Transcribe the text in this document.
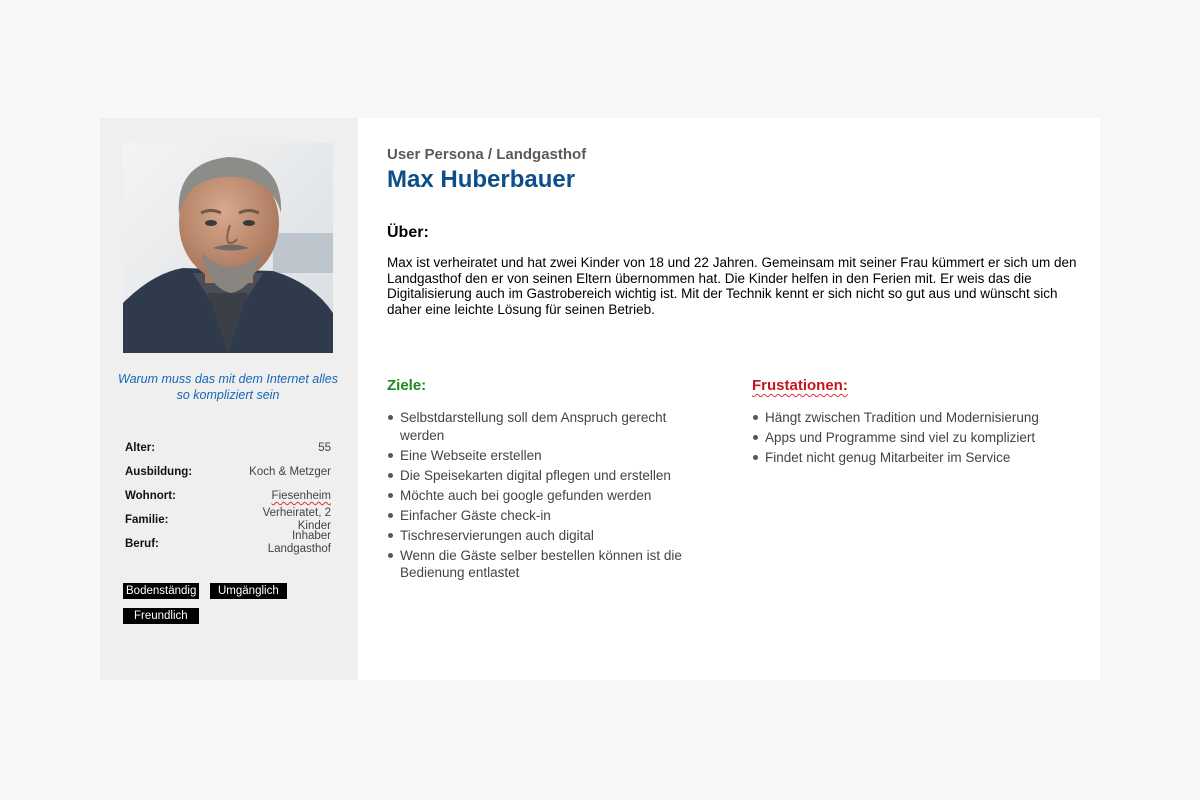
Warum muss das mit dem Internet alles so kompliziert sein
Alter:	55
Ausbildung:	Koch & Metzger
Wohnort:	Fiesenheim
Familie:
Verheiratet, 2
Kinder
Beruf:
Inhaber
Landgasthof
Bodenständig	Umgänglich
Freundlich
User Persona / Landgasthof
Max Huberbauer
Über:
Max ist verheiratet und hat zwei Kinder von 18 und 22 Jahren. Gemeinsam mit seiner Frau kümmert er sich um den Landgasthof den er von seinen Eltern übernommen hat. Die Kinder helfen in den Ferien mit. Er weis das die Digitalisierung auch im Gastrobereich wichtig ist. Mit der Technik kennt er sich nicht so gut aus und wünscht sich daher eine leichte Lösung für seinen Betrieb.
Ziele:
Selbstdarstellung soll dem Anspruch gerecht werden
Eine Webseite erstellen
Die Speisekarten digital pflegen und erstellen
Möchte auch bei google gefunden werden
Einfacher Gäste check-in
Tischreservierungen auch digital
Wenn die Gäste selber bestellen können ist die Bedienung entlastet
Frustationen:
Hängt zwischen Tradition und Modernisierung
Apps und Programme sind viel zu kompliziert
Findet nicht genug Mitarbeiter im Service
